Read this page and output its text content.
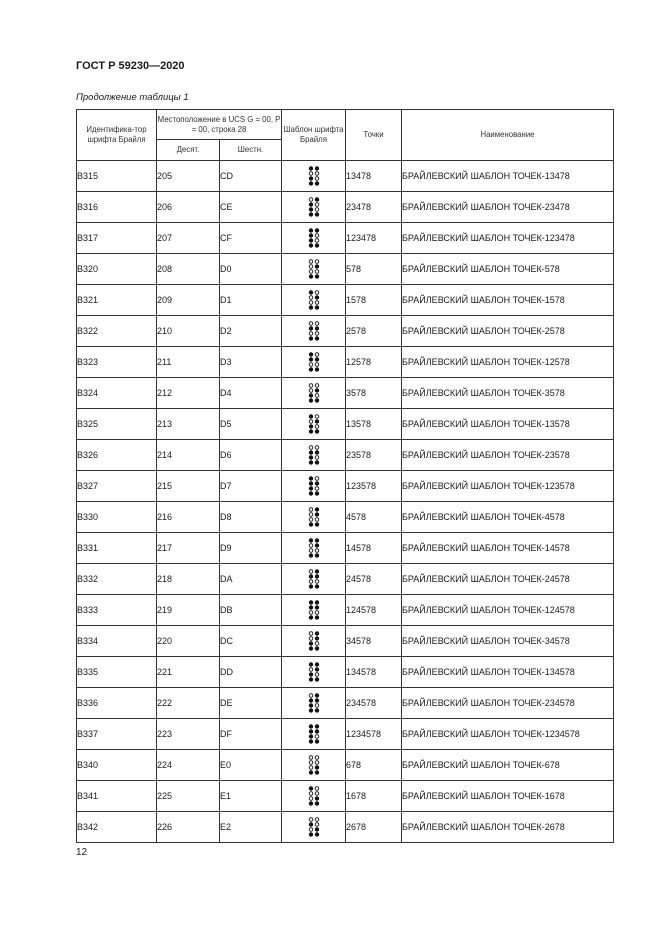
ГОСТ Р 59230—2020
Продолжение таблицы 1
Идентифика-тор шрифта Брайля	Местоположение в UCS G = 00, P = 00, строка 28		Шаблон шрифта Брайля	Точки	Наименование
	Десят.	Шестн.			
B315	205	CD		13478	БРАЙЛЕВСКИЙ ШАБЛОН ТОЧЕК-13478
B316	206	CE		23478	БРАЙЛЕВСКИЙ ШАБЛОН ТОЧЕК-23478
B317	207	CF		123478	БРАЙЛЕВСКИЙ ШАБЛОН ТОЧЕК-123478
B320	208	D0		578	БРАЙЛЕВСКИЙ ШАБЛОН ТОЧЕК-578
B321	209	D1		1578	БРАЙЛЕВСКИЙ ШАБЛОН ТОЧЕК-1578
B322	210	D2		2578	БРАЙЛЕВСКИЙ ШАБЛОН ТОЧЕК-2578
B323	211	D3		12578	БРАЙЛЕВСКИЙ ШАБЛОН ТОЧЕК-12578
B324	212	D4		3578	БРАЙЛЕВСКИЙ ШАБЛОН ТОЧЕК-3578
B325	213	D5		13578	БРАЙЛЕВСКИЙ ШАБЛОН ТОЧЕК-13578
B326	214	D6		23578	БРАЙЛЕВСКИЙ ШАБЛОН ТОЧЕК-23578
B327	215	D7		123578	БРАЙЛЕВСКИЙ ШАБЛОН ТОЧЕК-123578
B330	216	D8		4578	БРАЙЛЕВСКИЙ ШАБЛОН ТОЧЕК-4578
B331	217	D9		14578	БРАЙЛЕВСКИЙ ШАБЛОН ТОЧЕК-14578
B332	218	DA		24578	БРАЙЛЕВСКИЙ ШАБЛОН ТОЧЕК-24578
B333	219	DB		124578	БРАЙЛЕВСКИЙ ШАБЛОН ТОЧЕК-124578
B334	220	DC		34578	БРАЙЛЕВСКИЙ ШАБЛОН ТОЧЕК-34578
B335	221	DD		134578	БРАЙЛЕВСКИЙ ШАБЛОН ТОЧЕК-134578
B336	222	DE		234578	БРАЙЛЕВСКИЙ ШАБЛОН ТОЧЕК-234578
B337	223	DF		1234578	БРАЙЛЕВСКИЙ ШАБЛОН ТОЧЕК-1234578
B340	224	E0		678	БРАЙЛЕВСКИЙ ШАБЛОН ТОЧЕК-678
B341	225	E1		1678	БРАЙЛЕВСКИЙ ШАБЛОН ТОЧЕК-1678
B342	226	E2		2678	БРАЙЛЕВСКИЙ ШАБЛОН ТОЧЕК-2678
12
